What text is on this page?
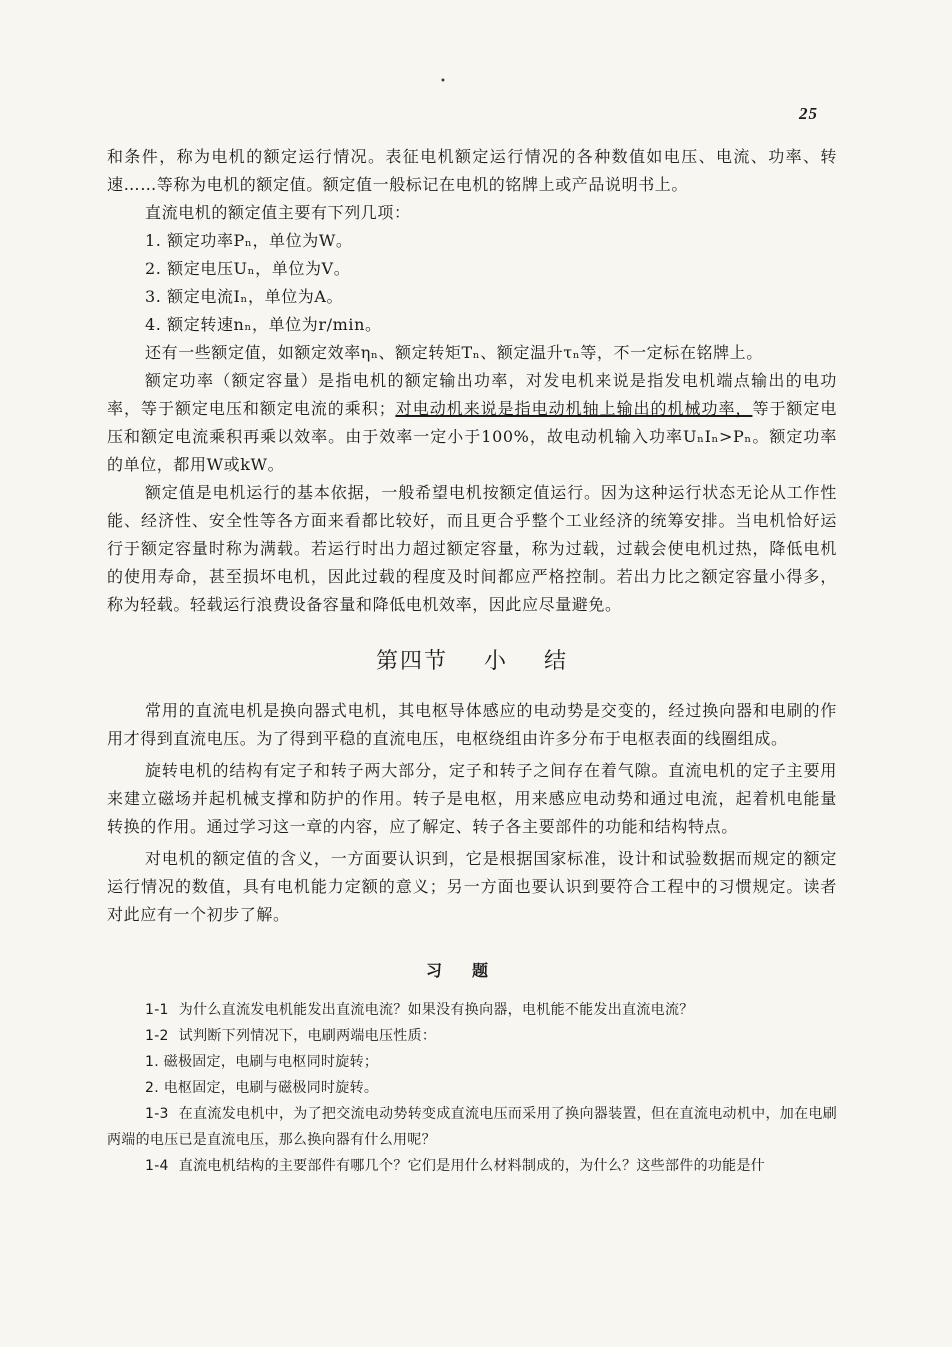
•
25

和条件，称为电机的额定运行情况。表征电机额定运行情况的各种数值如电压、电流、功率、转速……等称为电机的额定值。额定值一般标记在电机的铭牌上或产品说明书上。

直流电机的额定值主要有下列几项：

1. 额定功率Pₙ，单位为W。

2. 额定电压Uₙ，单位为V。

3. 额定电流Iₙ，单位为A。

4. 额定转速nₙ，单位为r/min。

还有一些额定值，如额定效率ηₙ、额定转矩Tₙ、额定温升τₙ等，不一定标在铭牌上。

额定功率（额定容量）是指电机的额定输出功率，对发电机来说是指发电机端点输出的电功率，等于额定电压和额定电流的乘积；对电动机来说是指电动机轴上输出的机械功率，等于额定电压和额定电流乘积再乘以效率。由于效率一定小于100%，故电动机输入功率UₙIₙ>Pₙ。额定功率的单位，都用W或kW。

额定值是电机运行的基本依据，一般希望电机按额定值运行。因为这种运行状态无论从工作性能、经济性、安全性等各方面来看都比较好，而且更合乎整个工业经济的统筹安排。当电机恰好运行于额定容量时称为满载。若运行时出力超过额定容量，称为过载，过载会使电机过热，降低电机的使用寿命，甚至损坏电机，因此过载的程度及时间都应严格控制。若出力比之额定容量小得多，称为轻载。轻载运行浪费设备容量和降低电机效率，因此应尽量避免。

第四节 小 结

常用的直流电机是换向器式电机，其电枢导体感应的电动势是交变的，经过换向器和电刷的作用才得到直流电压。为了得到平稳的直流电压，电枢绕组由许多分布于电枢表面的线圈组成。

旋转电机的结构有定子和转子两大部分，定子和转子之间存在着气隙。直流电机的定子主要用来建立磁场并起机械支撑和防护的作用。转子是电枢，用来感应电动势和通过电流，起着机电能量转换的作用。通过学习这一章的内容，应了解定、转子各主要部件的功能和结构特点。

对电机的额定值的含义，一方面要认识到，它是根据国家标准，设计和试验数据而规定的额定运行情况的数值，具有电机能力定额的意义；另一方面也要认识到要符合工程中的习惯规定。读者对此应有一个初步了解。

习题

1-1 为什么直流发电机能发出直流电流？如果没有换向器，电机能不能发出直流电流？

1-2 试判断下列情况下，电刷两端电压性质：

1. 磁极固定，电刷与电枢同时旋转；

2. 电枢固定，电刷与磁极同时旋转。

1-3 在直流发电机中，为了把交流电动势转变成直流电压而采用了换向器装置，但在直流电动机中，加在电刷两端的电压已是直流电压，那么换向器有什么用呢？

1-4 直流电机结构的主要部件有哪几个？它们是用什么材料制成的，为什么？这些部件的功能是什
